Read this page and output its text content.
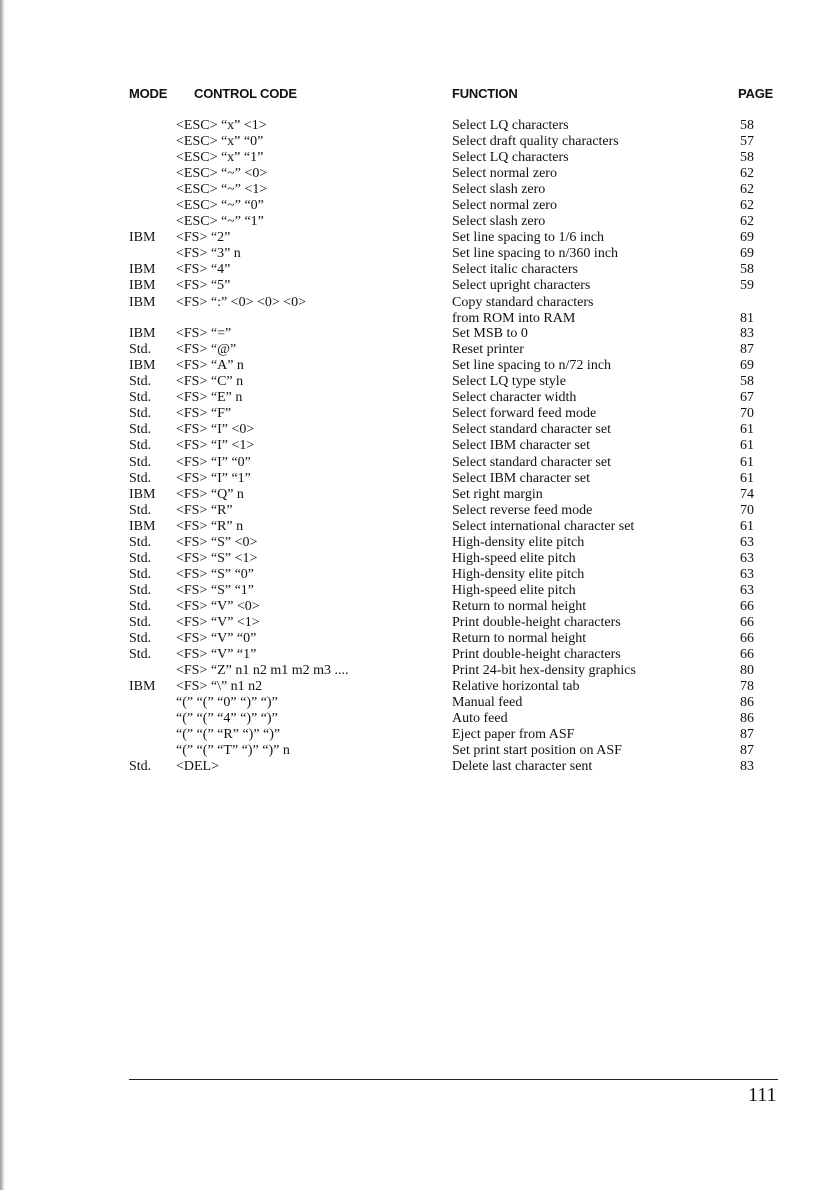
MODE CONTROL CODE	FUNCTION	PAGE
<ESC> “x” <1>	Select LQ characters	58
<ESC> “x” “0”	Select draft quality characters	57
<ESC> “x” “1”	Select LQ characters	58
<ESC> “~” <0>	Select normal zero	62
<ESC> “~” <1>	Select slash zero	62
<ESC> “~” “0”	Select normal zero	62
<ESC> “~” “1”	Select slash zero	62
IBM <FS> “2”	Set line spacing to 1/6 inch	69
<FS> “3” n	Set line spacing to n/360 inch	69
IBM <FS> “4”	Select italic characters	58
IBM <FS> “5”	Select upright characters	59
IBM <FS> “:” <0> <0> <0>	Copy standard characters
from ROM into RAM	81
IBM <FS> “=”	Set MSB to 0	83
Std. <FS> “@”	Reset printer	87
IBM <FS> “A” n	Set line spacing to n/72 inch	69
Std. <FS> “C” n	Select LQ type style	58
Std. <FS> “E” n	Select character width	67
Std. <FS> “F”	Select forward feed mode	70
Std. <FS> “I” <0>	Select standard character set	61
Std. <FS> “I” <1>	Select IBM character set	61
Std. <FS> “I” “0”	Select standard character set	61
Std. <FS> “I” “1”	Select IBM character set	61
IBM <FS> “Q” n	Set right margin	74
Std. <FS> “R”	Select reverse feed mode	70
IBM <FS> “R” n	Select international character set	61
Std. <FS> “S” <0>	High-density elite pitch	63
Std. <FS> “S” <1>	High-speed elite pitch	63
Std. <FS> “S” “0”	High-density elite pitch	63
Std. <FS> “S” “1”	High-speed elite pitch	63
Std. <FS> “V” <0>	Return to normal height	66
Std. <FS> “V” <1>	Print double-height characters	66
Std. <FS> “V” “0”	Return to normal height	66
Std. <FS> “V” “1”	Print double-height characters	66
<FS> “Z” n1 n2 m1 m2 m3 ....	Print 24-bit hex-density graphics	80
IBM <FS> “\” n1 n2	Relative horizontal tab	78
“(” “(” “0” “)” “)”	Manual feed	86
“(” “(” “4” “)” “)”	Auto feed	86
“(” “(” “R” “)” “)”	Eject paper from ASF	87
“(” “(” “T” “)” “)” n	Set print start position on ASF	87
Std. <DEL>	Delete last character sent	83
111
